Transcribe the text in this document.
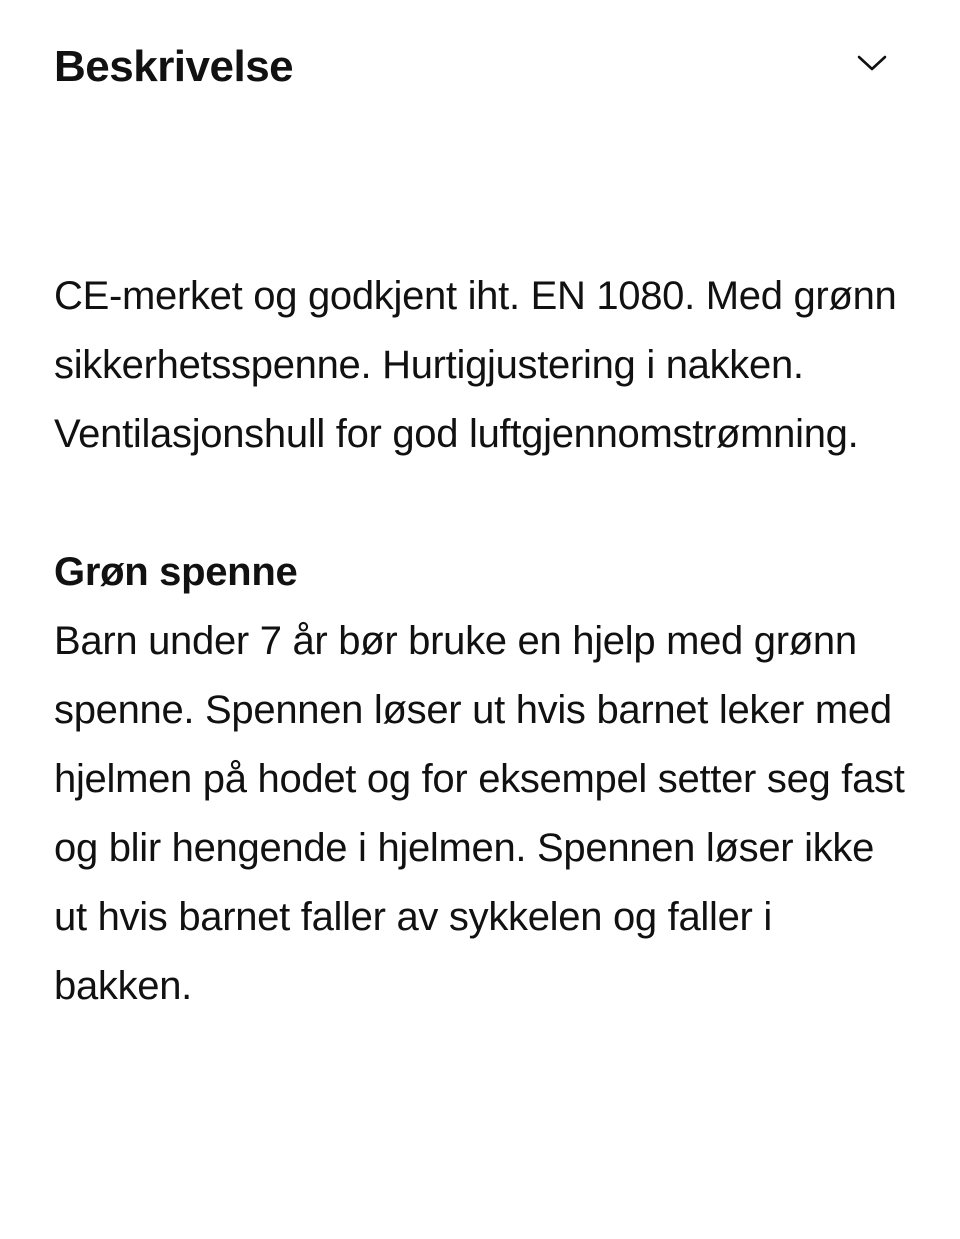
Beskrivelse

CE-merket og godkjent iht. EN 1080. Med grønn sikkerhetsspenne. Hurtigjustering i nakken. Ventilasjonshull for god luftgjennomstrømning.

Grøn spenne

Barn under 7 år bør bruke en hjelp med grønn spenne. Spennen løser ut hvis barnet leker med hjelmen på hodet og for eksempel setter seg fast og blir hengende i hjelmen. Spennen løser ikke ut hvis barnet faller av sykkelen og faller i bakken.
